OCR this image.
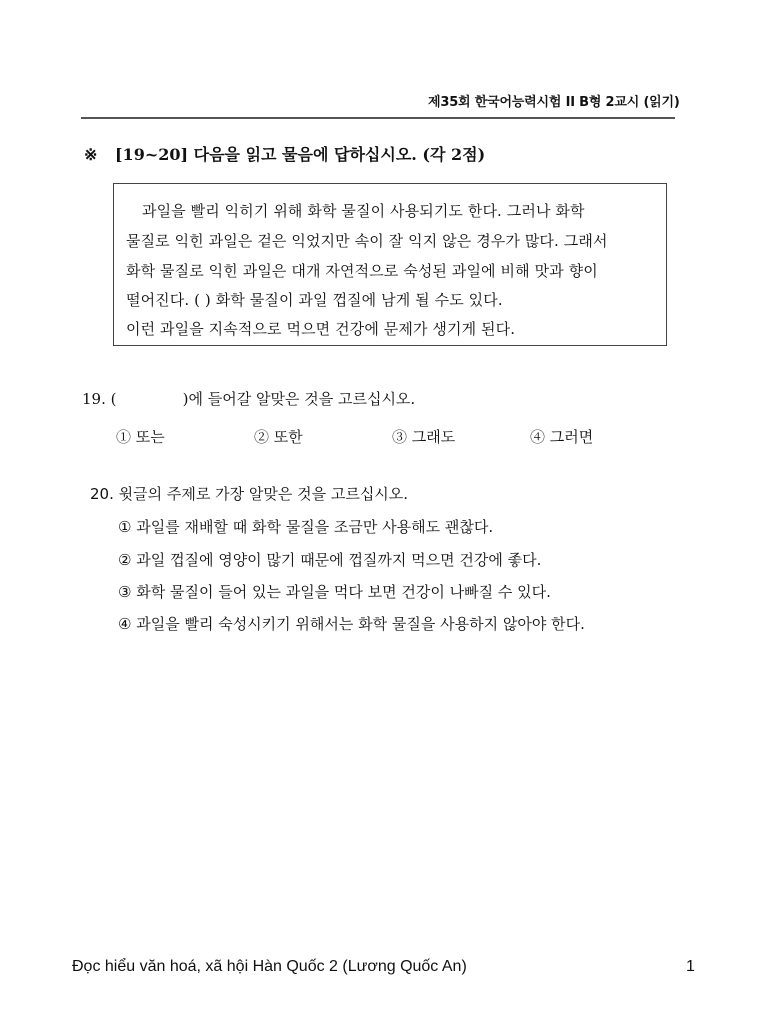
제35회 한국어능력시험 II B형 2교시 (읽기)
※ [19~20] 다음을 읽고 물음에 답하십시오. (각 2점)
과일을 빨리 익히기 위해 화학 물질이 사용되기도 한다. 그러나 화학
물질로 익힌 과일은 겉은 익었지만 속이 잘 익지 않은 경우가 많다. 그래서
화학 물질로 익힌 과일은 대개 자연적으로 숙성된 과일에 비해 맛과 향이
떨어진다. ( ) 화학 물질이 과일 껍질에 남게 될 수도 있다.
이런 과일을 지속적으로 먹으면 건강에 문제가 생기게 된다.
19. (	)에 들어갈 알맞은 것을 고르십시오.
① 또는	② 또한	③ 그래도	④ 그러면
20. 윗글의 주제로 가장 알맞은 것을 고르십시오.
① 과일를 재배할 때 화학 물질을 조금만 사용해도 괜찮다.
② 과일 껍질에 영양이 많기 때문에 껍질까지 먹으면 건강에 좋다.
③ 화학 물질이 들어 있는 과일을 먹다 보면 건강이 나빠질 수 있다.
④ 과일을 빨리 숙성시키기 위해서는 화학 물질을 사용하지 않아야 한다.
Đọc hiểu văn hoá, xã hội Hàn Quốc 2 (Lương Quốc An)	1
